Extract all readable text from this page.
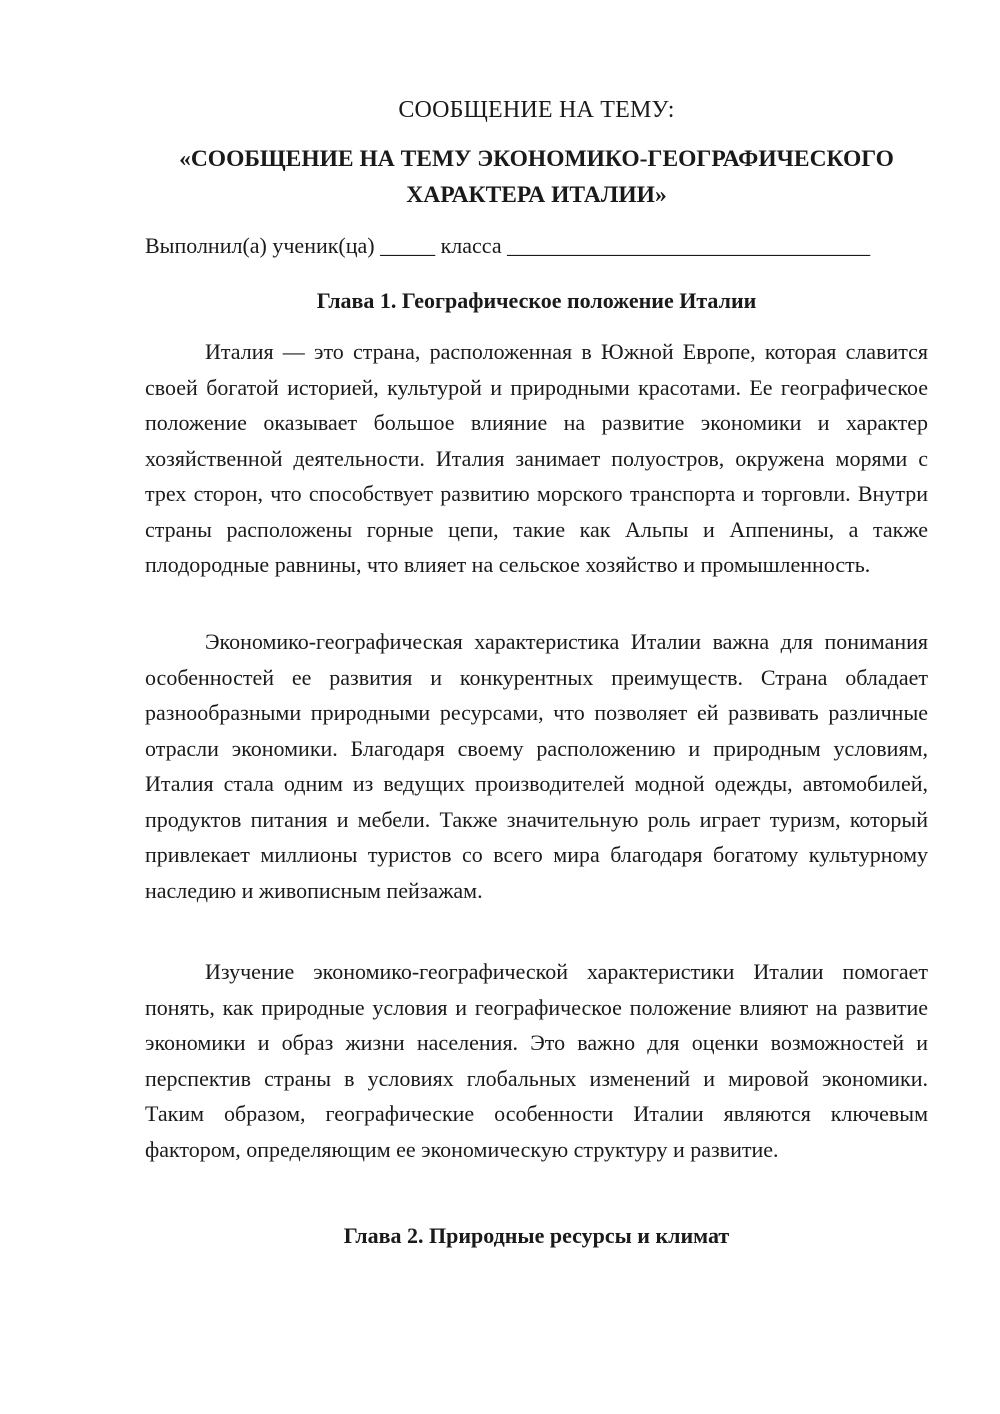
СООБЩЕНИЕ НА ТЕМУ:
«СООБЩЕНИЕ НА ТЕМУ ЭКОНОМИКО-ГЕОГРАФИЧЕСКОГО ХАРАКТЕРА ИТАЛИИ»
Выполнил(а) ученик(ца) _____ класса _________________________________
Глава 1. Географическое положение Италии

Италия — это страна, расположенная в Южной Европе, которая славится своей богатой историей, культурой и природными красотами. Ее географическое положение оказывает большое влияние на развитие экономики и характер хозяйственной деятельности. Италия занимает полуостров, окружена морями с трех сторон, что способствует развитию морского транспорта и торговли. Внутри страны расположены горные цепи, такие как Альпы и Аппенины, а также плодородные равнины, что влияет на сельское хозяйство и промышленность.

Экономико-географическая характеристика Италии важна для понимания особенностей ее развития и конкурентных преимуществ. Страна обладает разнообразными природными ресурсами, что позволяет ей развивать различные отрасли экономики. Благодаря своему расположению и природным условиям, Италия стала одним из ведущих производителей модной одежды, автомобилей, продуктов питания и мебели. Также значительную роль играет туризм, который привлекает миллионы туристов со всего мира благодаря богатому культурному наследию и живописным пейзажам.

Изучение экономико-географической характеристики Италии помогает понять, как природные условия и географическое положение влияют на развитие экономики и образ жизни населения. Это важно для оценки возможностей и перспектив страны в условиях глобальных изменений и мировой экономики. Таким образом, географические особенности Италии являются ключевым фактором, определяющим ее экономическую структуру и развитие.

Глава 2. Природные ресурсы и климат
